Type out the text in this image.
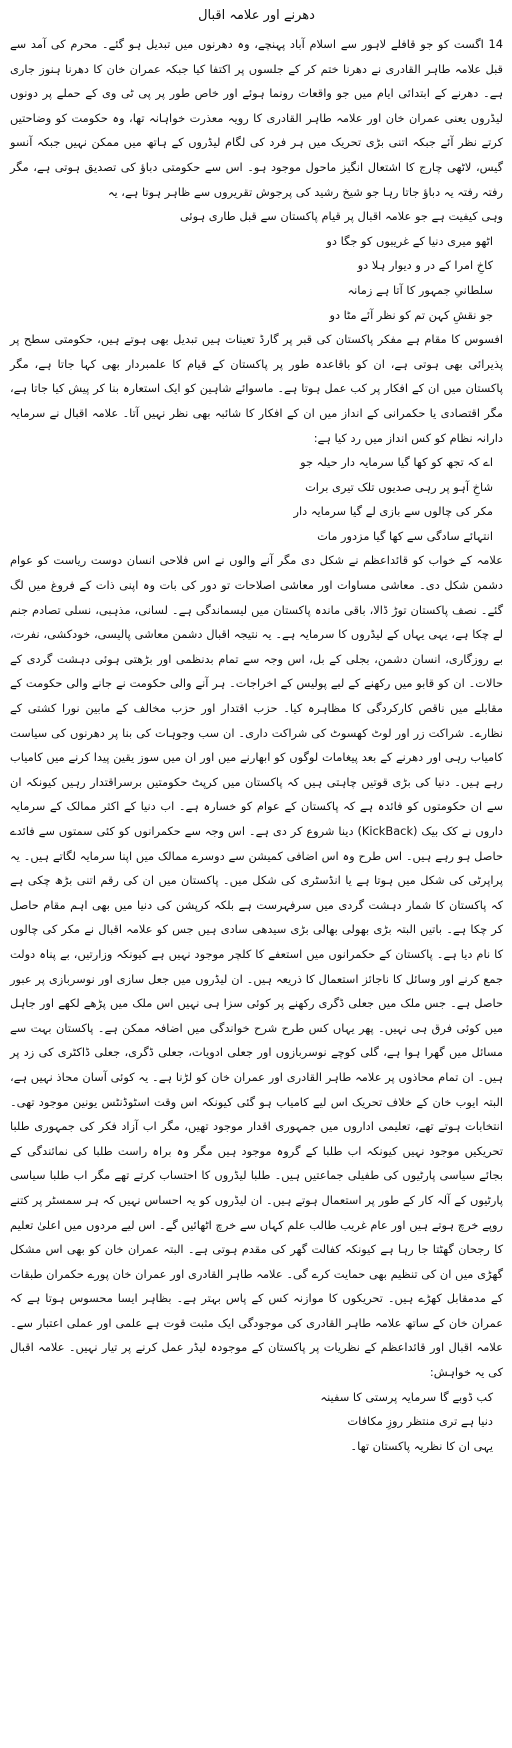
دھرنے اور علامہ اقبال

14 اگست کو جو قافلے لاہور سے اسلام آباد پہنچے، وہ دھرنوں میں تبدیل ہو گئے۔ محرم کی آمد سے قبل علامہ طاہر القادری نے دھرنا ختم کر کے جلسوں پر اکتفا کیا جبکہ عمران خان کا دھرنا ہنوز جاری ہے۔ دھرنے کے ابتدائی ایام میں جو واقعات رونما ہوئے اور خاص طور پر پی ٹی وی کے حملے پر دونوں لیڈروں یعنی عمران خان اور علامہ طاہر القادری کا رویہ معذرت خواہانہ تھا، وہ حکومت کو وضاحتیں کرتے نظر آئے جبکہ اتنی بڑی تحریک میں ہر فرد کی لگام لیڈروں کے ہاتھ میں ممکن نہیں جبکہ آنسو گیس، لاٹھی چارج کا اشتعال انگیز ماحول موجود ہو۔ اس سے حکومتی دباؤ کی تصدیق ہوتی ہے، مگر رفتہ رفتہ یہ دباؤ جاتا رہا جو شیخ رشید کی پرجوش تقریروں سے ظاہر ہوتا ہے، یہ

وہی کیفیت ہے جو علامہ اقبال پر قیام پاکستان سے قبل طاری ہوئی

اٹھو میری دنیا کے غریبوں کو جگا دو

کاخِ امرا کے در و دیوار ہلا دو

سلطانیِ جمہور کا آتا ہے زمانہ

جو نقشِ کہن تم کو نظر آئے مٹا دو

افسوس کا مقام ہے مفکر پاکستان کی قبر پر گارڈ تعینات ہیں تبدیل بھی ہوتے ہیں، حکومتی سطح پر پذیرائی بھی ہوتی ہے، ان کو باقاعدہ طور پر پاکستان کے قیام کا علمبردار بھی کہا جاتا ہے، مگر پاکستان میں ان کے افکار پر کب عمل ہوتا ہے۔ ماسوائے شاہین کو ایک استعارہ بنا کر پیش کیا جاتا ہے، مگر اقتصادی یا حکمرانی کے انداز میں ان کے افکار کا شائبہ بھی نظر نہیں آتا۔ علامہ اقبال نے سرمایہ دارانہ نظام کو کس انداز میں رد کیا ہے:

اے کہ تجھ کو کھا گیا سرمایہ دار حیلہ جو

شاخِ آہو پر رہی صدیوں تلک تیری برات

مکر کی چالوں سے بازی لے گیا سرمایہ دار

انتہائے سادگی سے کھا گیا مزدور مات

علامہ کے خواب کو قائداعظم نے شکل دی مگر آنے والوں نے اس فلاحی انسان دوست ریاست کو عوام دشمن شکل دی۔ معاشی مساوات اور معاشی اصلاحات تو دور کی بات وہ اپنی ذات کے فروغ میں لگ گئے۔ نصف پاکستان توڑ ڈالا، باقی ماندہ پاکستان میں لیسماندگی ہے۔ لسانی، مذہبی، نسلی تصادم جنم لے چکا ہے، یہی یہاں کے لیڈروں کا سرمایہ ہے۔ یہ نتیجہ اقبال دشمن معاشی پالیسی، خودکشی، نفرت، بے روزگاری، انسان دشمن، بجلی کے بل، اس وجہ سے تمام بدنظمی اور بڑھتی ہوئی دہشت گردی کے حالات۔ ان کو قابو میں رکھنے کے لیے پولیس کے اخراجات۔ ہر آنے والی حکومت نے جانے والی حکومت کے مقابلے میں ناقص کارکردگی کا مظاہرہ کیا۔ حزب اقتدار اور حزب مخالف کے مابین نورا کشتی کے نظارے۔ شراکت زر اور لوٹ کھسوٹ کی شراکت داری۔ ان سب وجوہات کی بنا پر دھرنوں کی سیاست کامیاب رہی اور دھرنے کے بعد پیغامات لوگوں کو ابھارنے میں اور ان میں سوز یقین پیدا کرنے میں کامیاب رہے ہیں۔ دنیا کی بڑی قوتیں چاہتی ہیں کہ پاکستان میں کرپٹ حکومتیں برسراقتدار رہیں کیونکہ ان سے ان حکومتوں کو فائدہ ہے کہ پاکستان کے عوام کو خسارہ ہے۔ اب دنیا کے اکثر ممالک کے سرمایہ داروں نے کک بیک (KickBack) دینا شروع کر دی ہے۔ اس وجہ سے حکمرانوں کو کئی سمتوں سے فائدے حاصل ہو رہے ہیں۔ اس طرح وہ اس اضافی کمیشن سے دوسرے ممالک میں اپنا سرمایہ لگاتے ہیں۔ یہ پراپرٹی کی شکل میں ہوتا ہے یا انڈسٹری کی شکل میں۔ پاکستان میں ان کی رقم اتنی بڑھ چکی ہے کہ پاکستان کا شمار دہشت گردی میں سرفہرست ہے بلکہ کرپشن کی دنیا میں بھی اہم مقام حاصل کر چکا ہے۔ باتیں البتہ بڑی بھولی بھالی بڑی سیدھی سادی ہیں جس کو علامہ اقبال نے مکر کی چالوں کا نام دیا ہے۔ پاکستان کے حکمرانوں میں استعفے کا کلچر موجود نہیں ہے کیونکہ وزارتیں، بے پناہ دولت جمع کرنے اور وسائل کا ناجائز استعمال کا ذریعہ ہیں۔ ان لیڈروں میں جعل سازی اور نوسربازی پر عبور حاصل ہے۔ جس ملک میں جعلی ڈگری رکھنے پر کوئی سزا ہی نہیں اس ملک میں پڑھے لکھے اور جاہل میں کوئی فرق ہی نہیں۔ پھر یہاں کس طرح شرح خواندگی میں اضافہ ممکن ہے۔ پاکستان بہت سے مسائل میں گھرا ہوا ہے، گلی کوچے نوسربازوں اور جعلی ادویات، جعلی ڈگری، جعلی ڈاکٹری کی زد پر ہیں۔ ان تمام محاذوں پر علامہ طاہر القادری اور عمران خان کو لڑنا ہے۔ یہ کوئی آسان محاذ نہیں ہے، البتہ ایوب خان کے خلاف تحریک اس لیے کامیاب ہو گئی کیونکہ اس وقت اسٹوڈنٹس یونین موجود تھی۔ انتخابات ہوتے تھے، تعلیمی اداروں میں جمہوری اقدار موجود تھیں، مگر اب آزاد فکر کی جمہوری طلبا تحریکیں موجود نہیں کیونکہ اب طلبا کے گروہ موجود ہیں مگر وہ براہ راست طلبا کی نمائندگی کے بجائے سیاسی پارٹیوں کی طفیلی جماعتیں ہیں۔ طلبا لیڈروں کا احتساب کرتے تھے مگر اب طلبا سیاسی پارٹیوں کے آلہ کار کے طور پر استعمال ہوتے ہیں۔ ان لیڈروں کو یہ احساس نہیں کہ ہر سمسٹر پر کتنے روپے خرچ ہوتے ہیں اور عام غریب طالب علم کہاں سے خرچ اٹھائیں گے۔ اس لیے مردوں میں اعلیٰ تعلیم کا رجحان گھٹتا جا رہا ہے کیونکہ کفالت گھر کی مقدم ہوتی ہے۔ البتہ عمران خان کو بھی اس مشکل گھڑی میں ان کی تنظیم بھی حمایت کرے گی۔ علامہ طاہر القادری اور عمران خان پورے حکمران طبقات کے مدمقابل کھڑے ہیں۔ تحریکوں کا موازنہ کس کے پاس بہتر ہے۔ بظاہر ایسا محسوس ہوتا ہے کہ عمران خان کے ساتھ علامہ طاہر القادری کی موجودگی ایک مثبت قوت ہے علمی اور عملی اعتبار سے۔ علامہ اقبال اور قائداعظم کے نظریات پر پاکستان کے موجودہ لیڈر عمل کرنے پر تیار نہیں۔ علامہ اقبال کی یہ خواہش:

کب ڈوبے گا سرمایہ پرستی کا سفینہ

دنیا ہے تری منتظر روزِ مکافات

یہی ان کا نظریہ پاکستان تھا۔
